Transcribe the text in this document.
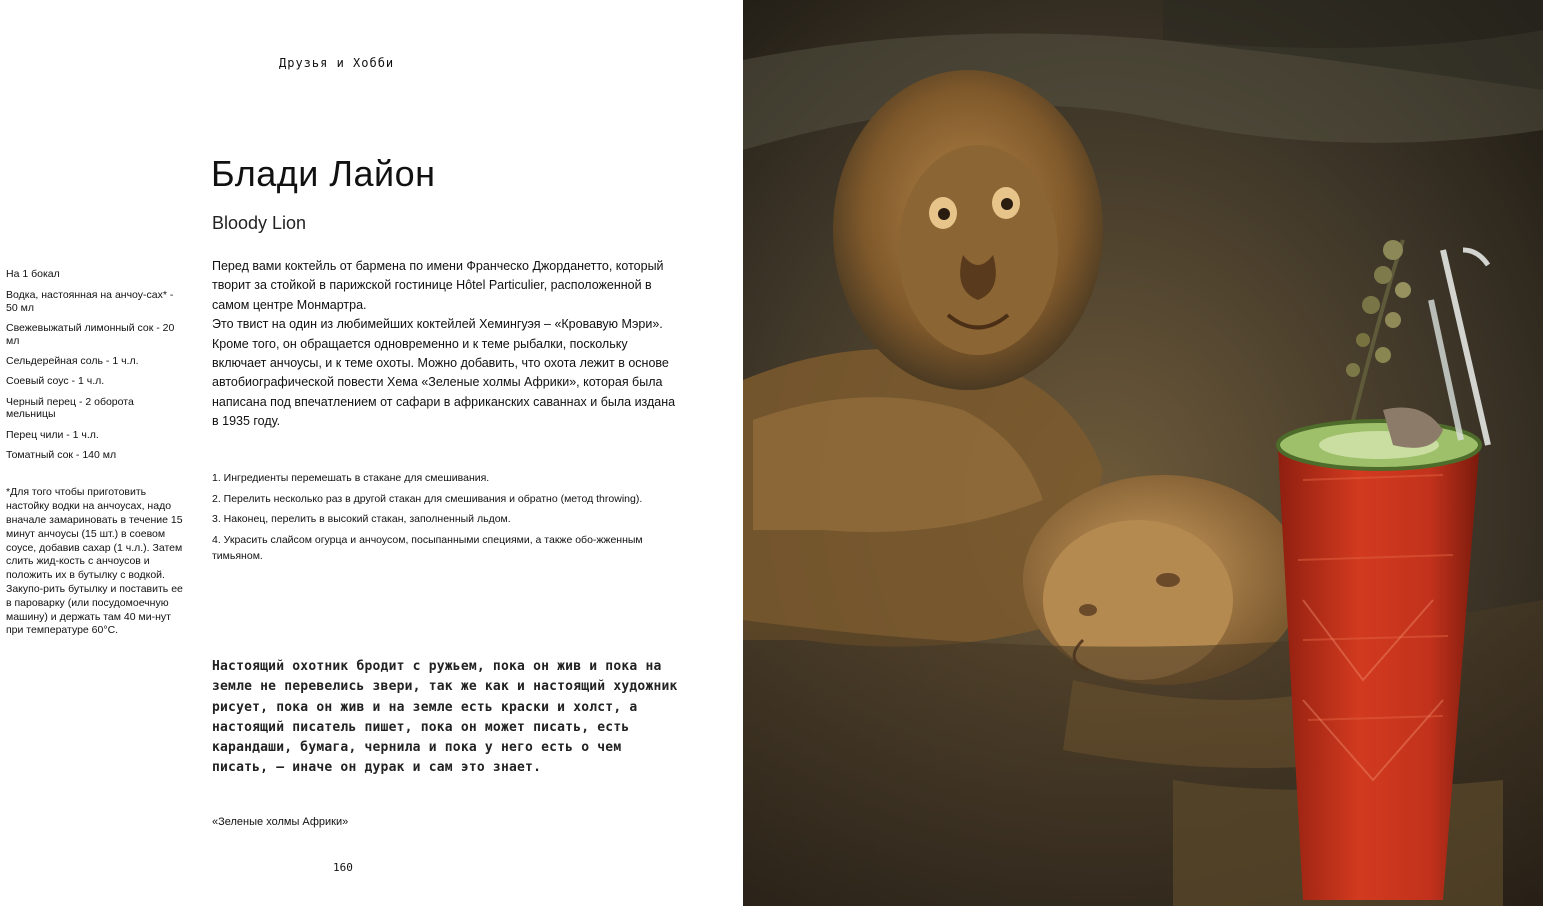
Друзья и Хобби
Блади Лайон
Bloody Lion

На 1 бокал

Водка, настоянная на анчоу-сах* - 50 мл

Свежевыжатый лимонный сок - 20 мл

Сельдерейная соль - 1 ч.л.

Соевый соус - 1 ч.л.

Черный перец - 2 оборота мельницы

Перец чили - 1 ч.л.

Томатный сок - 140 мл

*Для того чтобы приготовить настойку водки на анчоусах, надо вначале замариновать в течение 15 минут анчоусы (15 шт.) в соевом соусе, добавив сахар (1 ч.л.). Затем слить жид-кость с анчоусов и положить их в бутылку с водкой. Закупо-рить бутылку и поставить ее в пароварку (или посудомоечную машину) и держать там 40 ми-нут при температуре 60°С.

Перед вами коктейль от бармена по имени Франческо Джорданетто, который творит за стойкой в парижской гостинице Hôtel Particulier, расположенной в самом центре Монмартра.

Это твист на один из любимейших коктейлей Хемингуэя – «Кровавую Мэри». Кроме того, он обращается одновременно и к теме рыбалки, поскольку включает анчоусы, и к теме охоты. Можно добавить, что охота лежит в основе автобиографической повести Хема «Зеленые холмы Африки», которая была написана под впечатлением от сафари в африканских саваннах и была издана в 1935 году.

1. Ингредиенты перемешать в стакане для смешивания.

2. Перелить несколько раз в другой стакан для смешивания и обратно (метод throwing).

3. Наконец, перелить в высокий стакан, заполненный льдом.

4. Украсить слайсом огурца и анчоусом, посыпанными специями, а также обо-жженным тимьяном.

Настоящий охотник бродит с ружьем, пока он жив и пока на земле не перевелись звери, так же как и настоящий художник рисует, пока он жив и на земле есть краски и холст, а настоящий писатель пишет, пока он может писать, есть карандаши, бумага, чернила и пока у него есть о чем писать, – иначе он дурак и сам это знает.
«Зеленые холмы Африки»
160
